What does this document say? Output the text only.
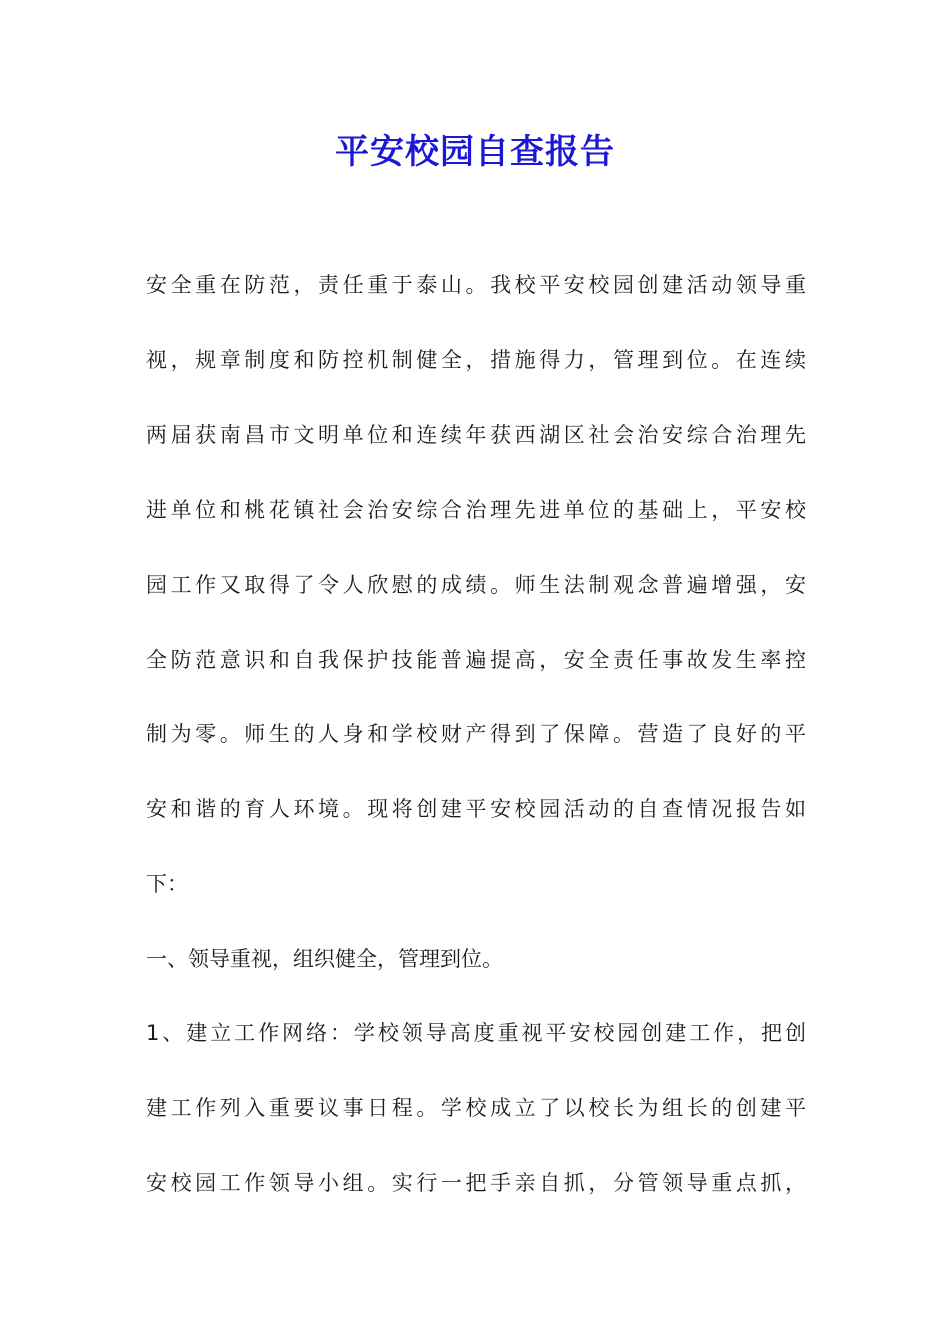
平安校园自查报告

安全重在防范，责任重于泰山。我校平安校园创建活动领导重

视，规章制度和防控机制健全，措施得力，管理到位。在连续

两届获南昌市文明单位和连续年获西湖区社会治安综合治理先

进单位和桃花镇社会治安综合治理先进单位的基础上，平安校

园工作又取得了令人欣慰的成绩。师生法制观念普遍增强，安

全防范意识和自我保护技能普遍提高，安全责任事故发生率控

制为零。师生的人身和学校财产得到了保障。营造了良好的平

安和谐的育人环境。现将创建平安校园活动的自查情况报告如

下：

一、领导重视，组织健全，管理到位。

1、建立工作网络：学校领导高度重视平安校园创建工作，把创

建工作列入重要议事日程。学校成立了以校长为组长的创建平

安校园工作领导小组。实行一把手亲自抓，分管领导重点抓，
